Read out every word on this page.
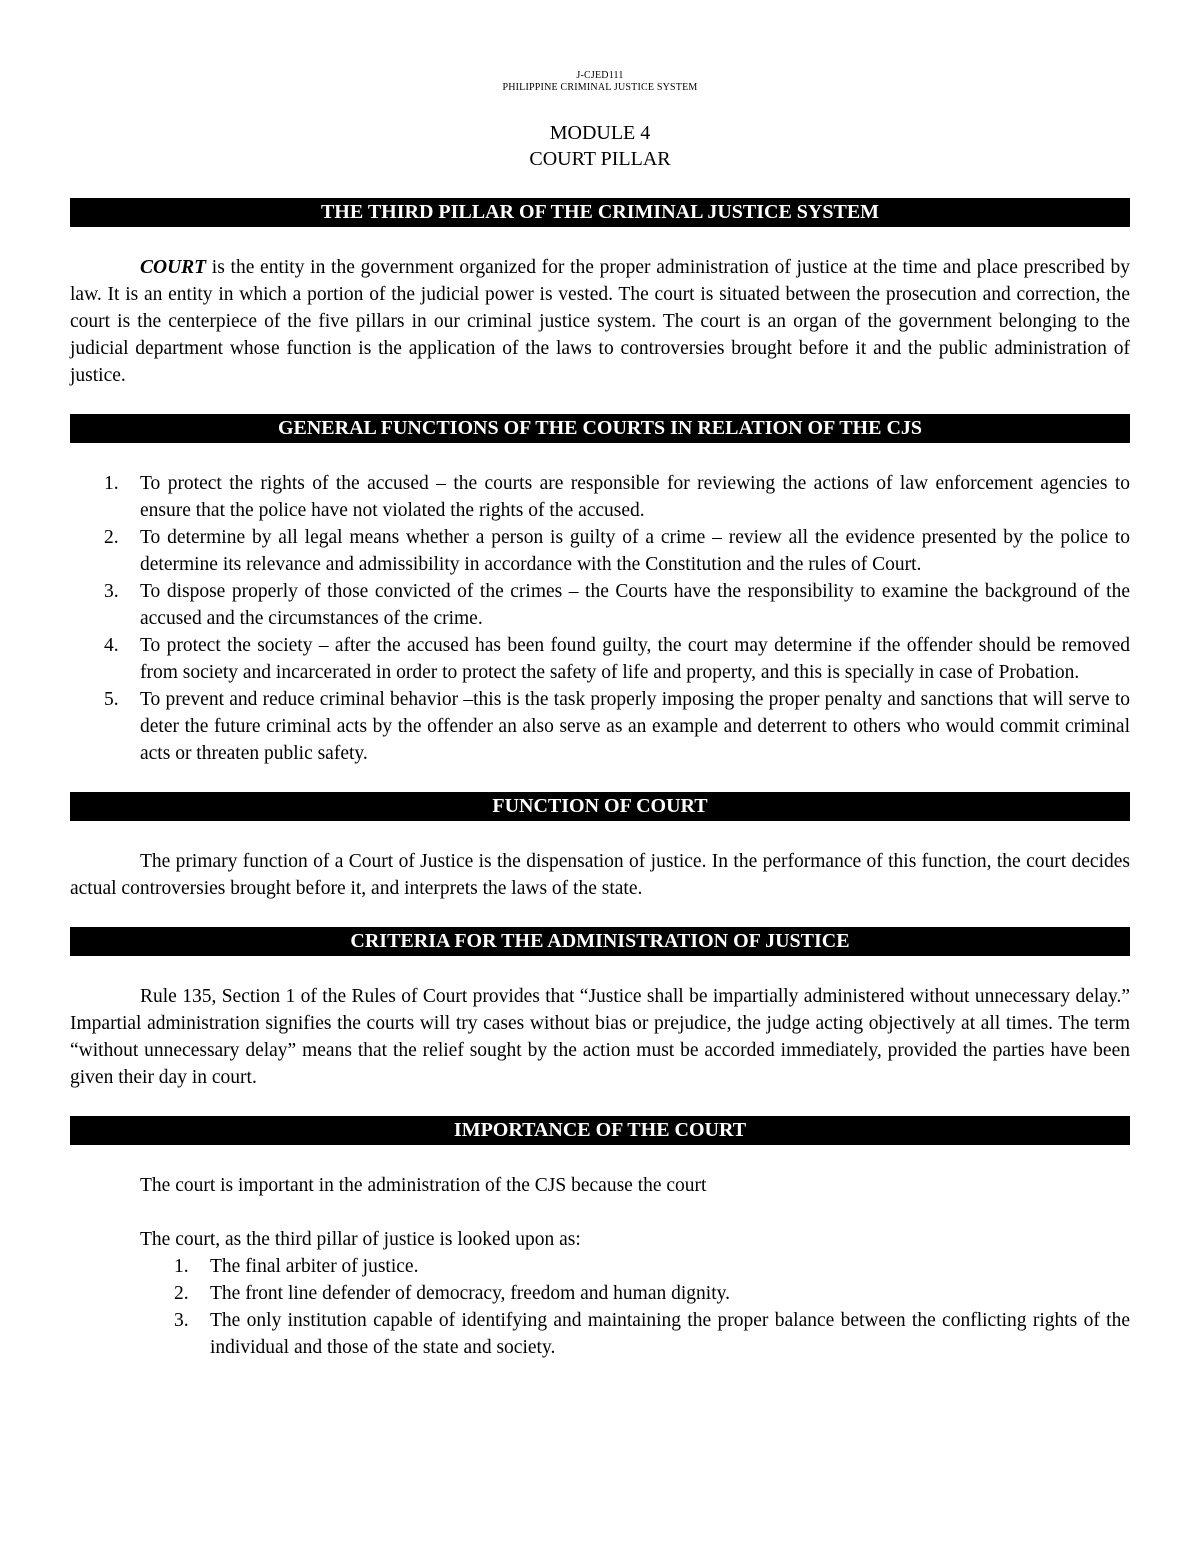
J-CJED111
PHILIPPINE CRIMINAL JUSTICE SYSTEM
MODULE 4
COURT PILLAR
THE THIRD PILLAR OF THE CRIMINAL JUSTICE SYSTEM

COURT is the entity in the government organized for the proper administration of justice at the time and place prescribed by law. It is an entity in which a portion of the judicial power is vested. The court is situated between the prosecution and correction, the court is the centerpiece of the five pillars in our criminal justice system. The court is an organ of the government belonging to the judicial department whose function is the application of the laws to controversies brought before it and the public administration of justice.

GENERAL FUNCTIONS OF THE COURTS IN RELATION OF THE CJS
1. To protect the rights of the accused – the courts are responsible for reviewing the actions of law enforcement agencies to ensure that the police have not violated the rights of the accused.
2. To determine by all legal means whether a person is guilty of a crime – review all the evidence presented by the police to determine its relevance and admissibility in accordance with the Constitution and the rules of Court.
3. To dispose properly of those convicted of the crimes – the Courts have the responsibility to examine the background of the accused and the circumstances of the crime.
4. To protect the society – after the accused has been found guilty, the court may determine if the offender should be removed from society and incarcerated in order to protect the safety of life and property, and this is specially in case of Probation.
5. To prevent and reduce criminal behavior –this is the task properly imposing the proper penalty and sanctions that will serve to deter the future criminal acts by the offender an also serve as an example and deterrent to others who would commit criminal acts or threaten public safety.
FUNCTION OF COURT

The primary function of a Court of Justice is the dispensation of justice. In the performance of this function, the court decides actual controversies brought before it, and interprets the laws of the state.

CRITERIA FOR THE ADMINISTRATION OF JUSTICE

Rule 135, Section 1 of the Rules of Court provides that “Justice shall be impartially administered without unnecessary delay.” Impartial administration signifies the courts will try cases without bias or prejudice, the judge acting objectively at all times. The term “without unnecessary delay” means that the relief sought by the action must be accorded immediately, provided the parties have been given their day in court.

IMPORTANCE OF THE COURT

The court is important in the administration of the CJS because the court

The court, as the third pillar of justice is looked upon as:

1. The final arbiter of justice.
2. The front line defender of democracy, freedom and human dignity.
3. The only institution capable of identifying and maintaining the proper balance between the conflicting rights of the individual and those of the state and society.
